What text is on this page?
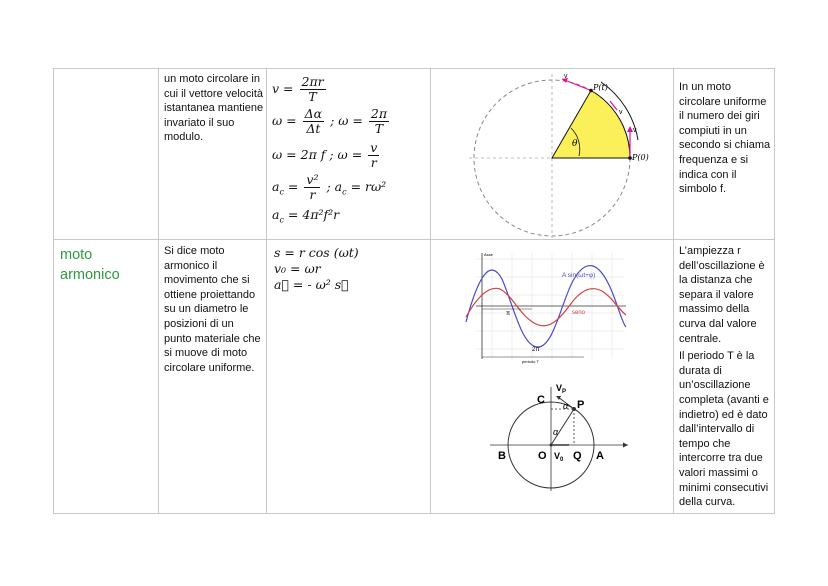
un moto circolare in cui il vettore velocità istantanea mantiene invariato il suo modulo.
$v = \frac{2\pi r}{T}$
$\omega = \frac{\Delta\alpha}{\Delta t}$ ; $\omega = \frac{2\pi}{T}$
ω = 2π f ; $\omega = \frac{v}{r}$
$a_c = \frac{\text{v²}}{r}$ ; $a_c = r\omega^2$
$a_c = 4\pi^2f^2r$
θ
P(t)
P(0)
v
v
v
In un moto circolare uniforme il numero dei giri compiuti in un secondo si chiama frequenza e si indica con il simbolo f.
moto armonico
Si dice moto armonico il movimento che si ottiene proiettando su un diametro le posizioni di un punto materiale che si muove di moto circolare uniforme.
s = r cos (ωt)
v₀ = ωr
a⃗ = - ω² s⃗
A sin(ωt+φ)
seno
2π
π
periodo T
Asse
C
$V_P$
α P
α
B	O $V_0$ Q A
L’ampiezza r dell’oscillazione è la distanza che separa il valore massimo della curva dal valore centrale.
Il periodo T è la durata di un’oscillazione completa (avanti e indietro) ed è dato dall’intervallo di tempo che intercorre tra due valori massimi o minimi consecutivi della curva.
